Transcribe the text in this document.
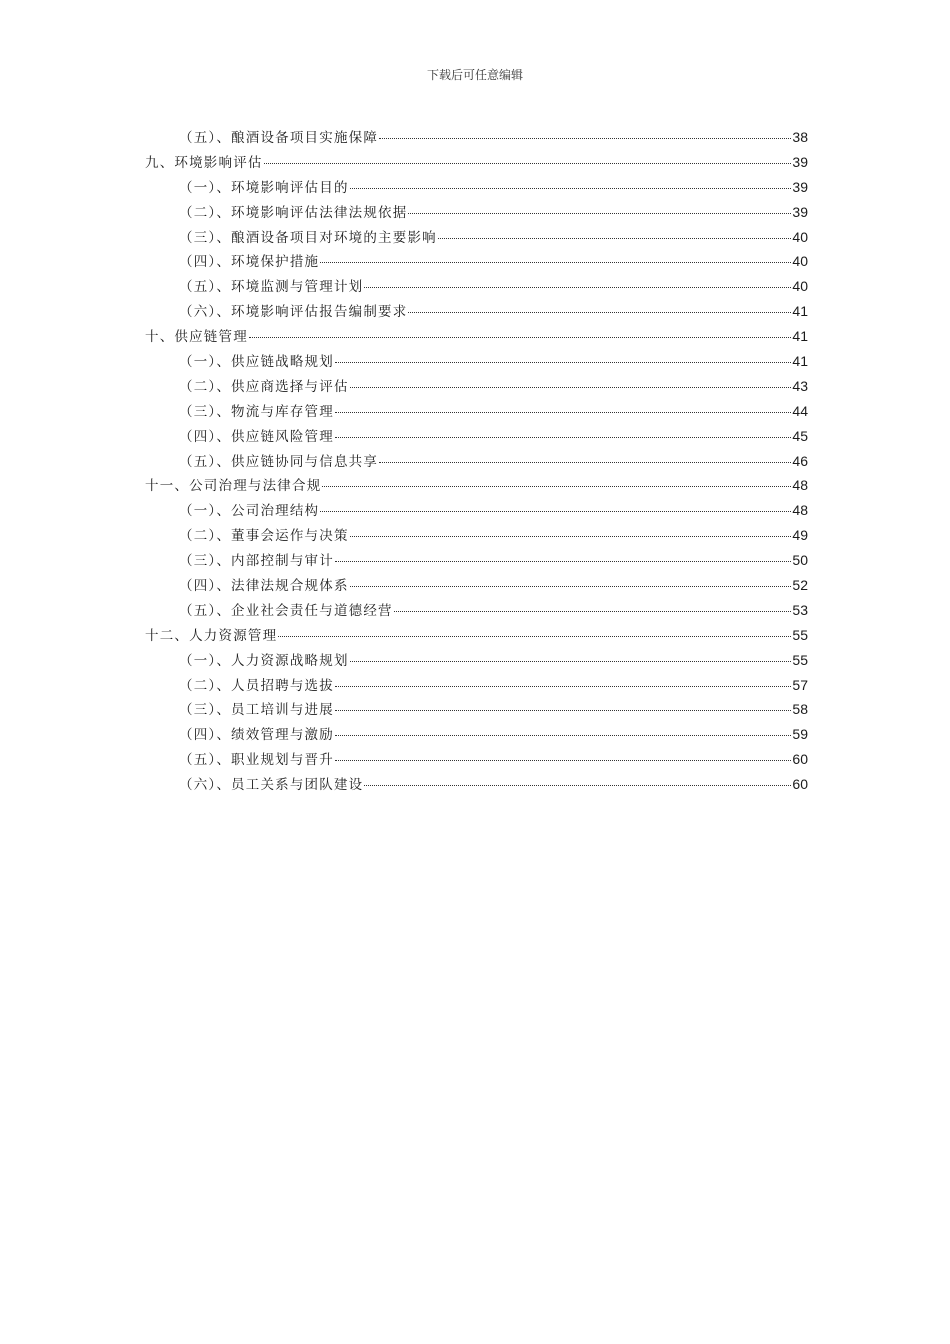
下载后可任意编辑
（五）、酿酒设备项目实施保障	38
九、环境影响评估	39
（一）、环境影响评估目的	39
（二）、环境影响评估法律法规依据	39
（三）、酿酒设备项目对环境的主要影响	40
（四）、环境保护措施	40
（五）、环境监测与管理计划	40
（六）、环境影响评估报告编制要求	41
十、供应链管理	41
（一）、供应链战略规划	41
（二）、供应商选择与评估	43
（三）、物流与库存管理	44
（四）、供应链风险管理	45
（五）、供应链协同与信息共享	46
十一、公司治理与法律合规	48
（一）、公司治理结构	48
（二）、董事会运作与决策	49
（三）、内部控制与审计	50
（四）、法律法规合规体系	52
（五）、企业社会责任与道德经营	53
十二、人力资源管理	55
（一）、人力资源战略规划	55
（二）、人员招聘与选拔	57
（三）、员工培训与进展	58
（四）、绩效管理与激励	59
（五）、职业规划与晋升	60
（六）、员工关系与团队建设	60
